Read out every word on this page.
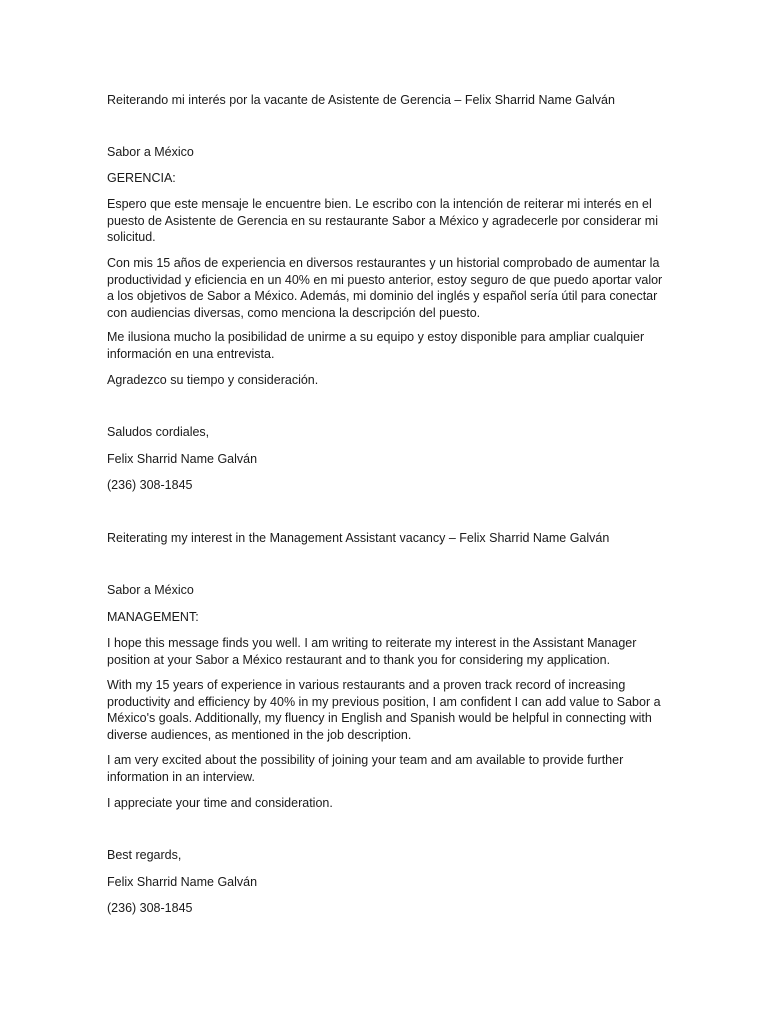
Reiterando mi interés por la vacante de Asistente de Gerencia – Felix Sharrid Name Galván
Sabor a México
GERENCIA:
Espero que este mensaje le encuentre bien. Le escribo con la intención de reiterar mi interés en el puesto de Asistente de Gerencia en su restaurante Sabor a México y agradecerle por considerar mi solicitud.
Con mis 15 años de experiencia en diversos restaurantes y un historial comprobado de aumentar la productividad y eficiencia en un 40% en mi puesto anterior, estoy seguro de que puedo aportar valor a los objetivos de Sabor a México. Además, mi dominio del inglés y español sería útil para conectar con audiencias diversas, como menciona la descripción del puesto.
Me ilusiona mucho la posibilidad de unirme a su equipo y estoy disponible para ampliar cualquier información en una entrevista.
Agradezco su tiempo y consideración.
Saludos cordiales,
Felix Sharrid Name Galván
(236) 308-1845
Reiterating my interest in the Management Assistant vacancy – Felix Sharrid Name Galván
Sabor a México
MANAGEMENT:
I hope this message finds you well. I am writing to reiterate my interest in the Assistant Manager position at your Sabor a México restaurant and to thank you for considering my application.
With my 15 years of experience in various restaurants and a proven track record of increasing productivity and efficiency by 40% in my previous position, I am confident I can add value to Sabor a México's goals. Additionally, my fluency in English and Spanish would be helpful in connecting with diverse audiences, as mentioned in the job description.
I am very excited about the possibility of joining your team and am available to provide further information in an interview.
I appreciate your time and consideration.
Best regards,
Felix Sharrid Name Galván
(236) 308-1845
